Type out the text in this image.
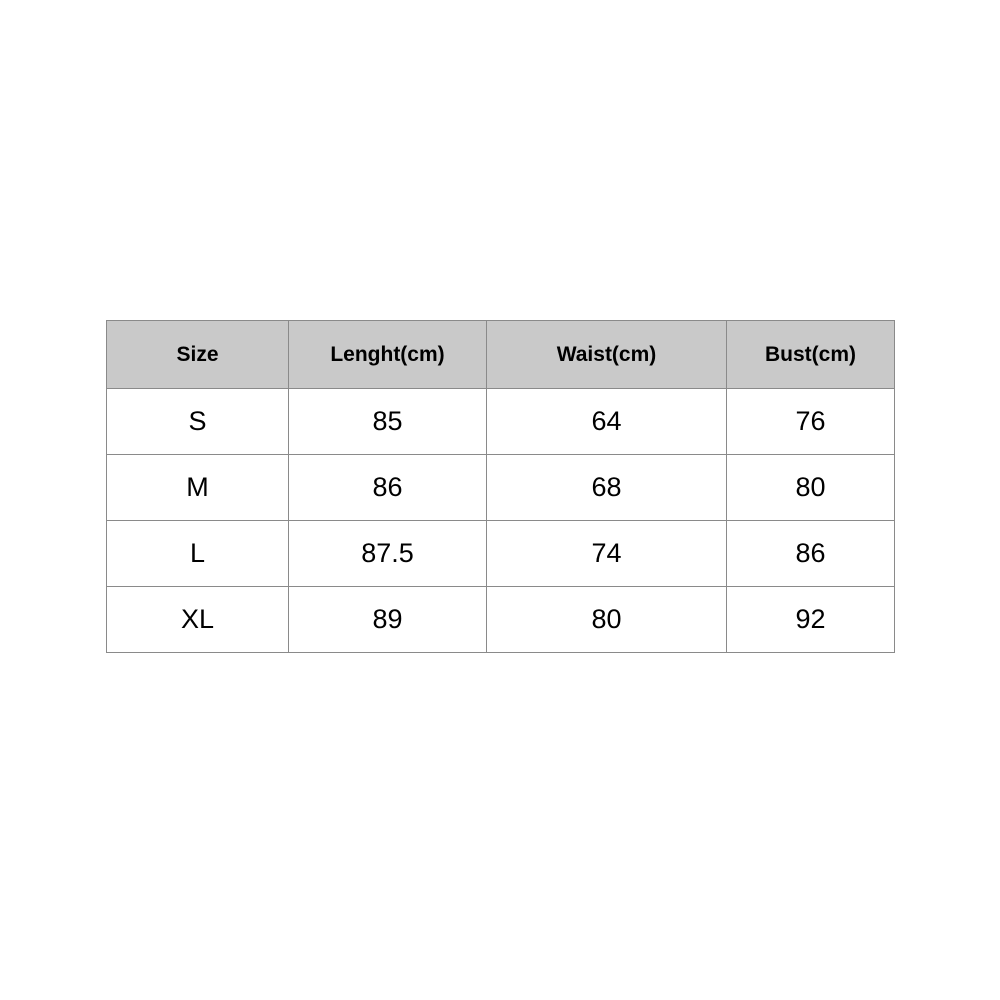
Size	Lenght(cm)	Waist(cm)	Bust(cm)
S	85	64	76
M	86	68	80
L	87.5	74	86
XL	89	80	92
